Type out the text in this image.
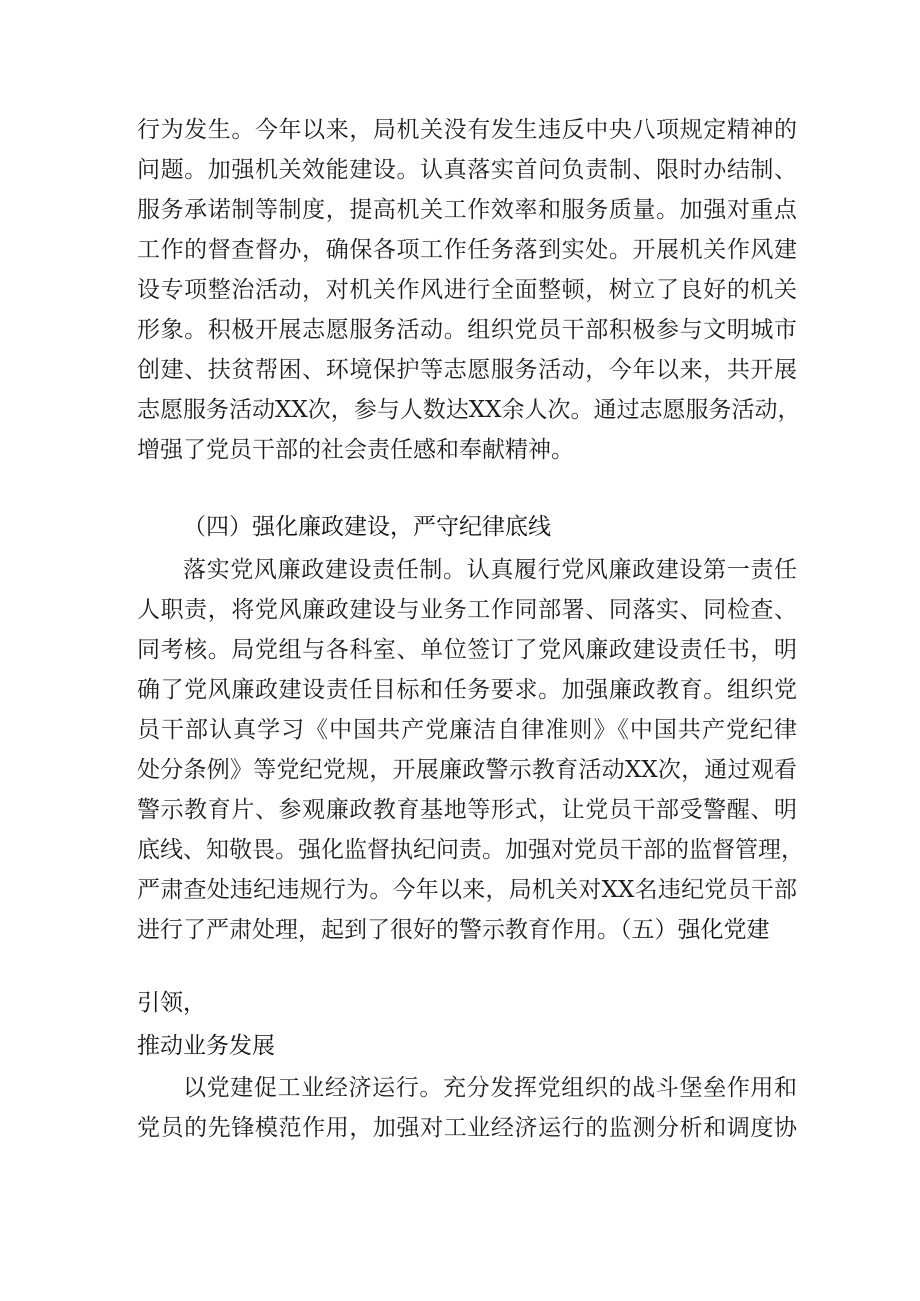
行为发生。今年以来，局机关没有发生违反中央八项规定精神的
问题。加强机关效能建设。认真落实首问负责制、限时办结制、
服务承诺制等制度，提高机关工作效率和服务质量。加强对重点
工作的督查督办，确保各项工作任务落到实处。开展机关作风建
设专项整治活动，对机关作风进行全面整顿，树立了良好的机关
形象。积极开展志愿服务活动。组织党员干部积极参与文明城市
创建、扶贫帮困、环境保护等志愿服务活动，今年以来，共开展
志愿服务活动XX次，参与人数达XX余人次。通过志愿服务活动，
增强了党员干部的社会责任感和奉献精神。
（四）强化廉政建设，严守纪律底线
落实党风廉政建设责任制。认真履行党风廉政建设第一责任
人职责，将党风廉政建设与业务工作同部署、同落实、同检查、
同考核。局党组与各科室、单位签订了党风廉政建设责任书，明
确了党风廉政建设责任目标和任务要求。加强廉政教育。组织党
员干部认真学习《中国共产党廉洁自律准则》《中国共产党纪律
处分条例》等党纪党规，开展廉政警示教育活动XX次，通过观看
警示教育片、参观廉政教育基地等形式，让党员干部受警醒、明
底线、知敬畏。强化监督执纪问责。加强对党员干部的监督管理，
严肃查处违纪违规行为。今年以来，局机关对XX名违纪党员干部
进行了严肃处理，起到了很好的警示教育作用。（五）强化党建
引领，
推动业务发展
以党建促工业经济运行。充分发挥党组织的战斗堡垒作用和
党员的先锋模范作用，加强对工业经济运行的监测分析和调度协
